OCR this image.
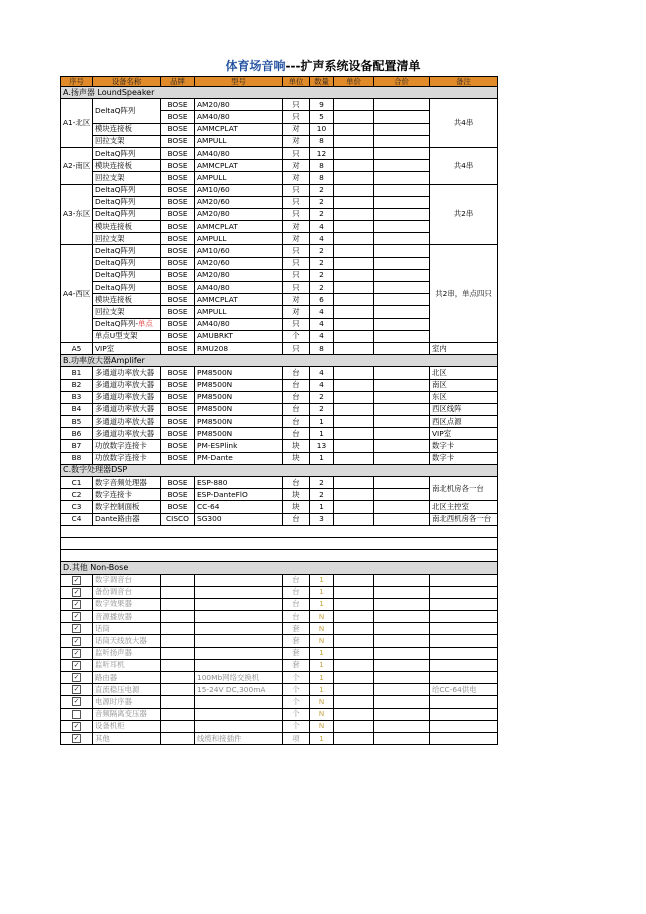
体育场音响---扩声系统设备配置清单
序号	设备名称	品牌	型号	单位	数量	单价	合价	备注
A.扬声器 LoundSpeaker								
A1-北区	DeltaQ阵列	BOSE	AM20/80	只	9			共4串
		BOSE	AM40/80	只	5			
	模块连接板	BOSE	AMMCPLAT	对	10			
	回拉支架	BOSE	AMPULL	对	8			
A2-南区	DeltaQ阵列	BOSE	AM40/80	只	12			共4串
	模块连接板	BOSE	AMMCPLAT	对	8			
	回拉支架	BOSE	AMPULL	对	8			
A3-东区	DeltaQ阵列	BOSE	AM10/60	只	2			共2串
	DeltaQ阵列	BOSE	AM20/60	只	2			
	DeltaQ阵列	BOSE	AM20/80	只	2			
	模块连接板	BOSE	AMMCPLAT	对	4			
	回拉支架	BOSE	AMPULL	对	4			
A4-西区	DeltaQ阵列	BOSE	AM10/60	只	2			共2串，单点四只
	DeltaQ阵列	BOSE	AM20/60	只	2			
	DeltaQ阵列	BOSE	AM20/80	只	2			
	DeltaQ阵列	BOSE	AM40/80	只	2			
	模块连接板	BOSE	AMMCPLAT	对	6			
	回拉支架	BOSE	AMPULL	对	4			
	DeltaQ阵列-单点	BOSE	AM40/80	只	4			
	单点U型支架	BOSE	AMUBRKT	个	4			
A5	VIP室	BOSE	RMU208	只	8			室内
B.功率放大器Amplifer								
B1	多通道功率放大器	BOSE	PM8500N	台	4			北区
B2	多通道功率放大器	BOSE	PM8500N	台	4			南区
B3	多通道功率放大器	BOSE	PM8500N	台	2			东区
B4	多通道功率放大器	BOSE	PM8500N	台	2			西区线阵
B5	多通道功率放大器	BOSE	PM8500N	台	1			西区点源
B6	多通道功率放大器	BOSE	PM8500N	台	1			VIP室
B7	功放数字连接卡	BOSE	PM-ESPlink	块	13			数字卡
B8	功放数字连接卡	BOSE	PM-Dante	块	1			数字卡
C.数字处理器DSP								
C1	数字音频处理器	BOSE	ESP-880	台	2			南北机房各一台
C2	数字连接卡	BOSE	ESP-DanteFlO	块	2			
C3	数字控制面板	BOSE	CC-64	块	1			北区主控室
C4	Dante路由器	CISCO	SG300	台	3			南北西机房各一台

D.其他 Non-Bose								
✓	数字调音台			台	1			
✓	备份调音台			台	1			
✓	数字效果器			台	1			
✓	音源播放器			台	N			
✓	话筒			套	N			
✓	话筒天线放大器			套	N			
✓	监听扬声器			套	1			
✓	监听耳机			套	1			
✓	路由器		100Mb网络交换机	个	1			
✓	直流稳压电源		15-24V DC,300mA	个	1			给CC-64供电
✓	电源时序器			个	N			
	音频隔离变压器			个	N			
✓	设备机柜			个	N			
✓	其他		线缆和接插件	项	1			
